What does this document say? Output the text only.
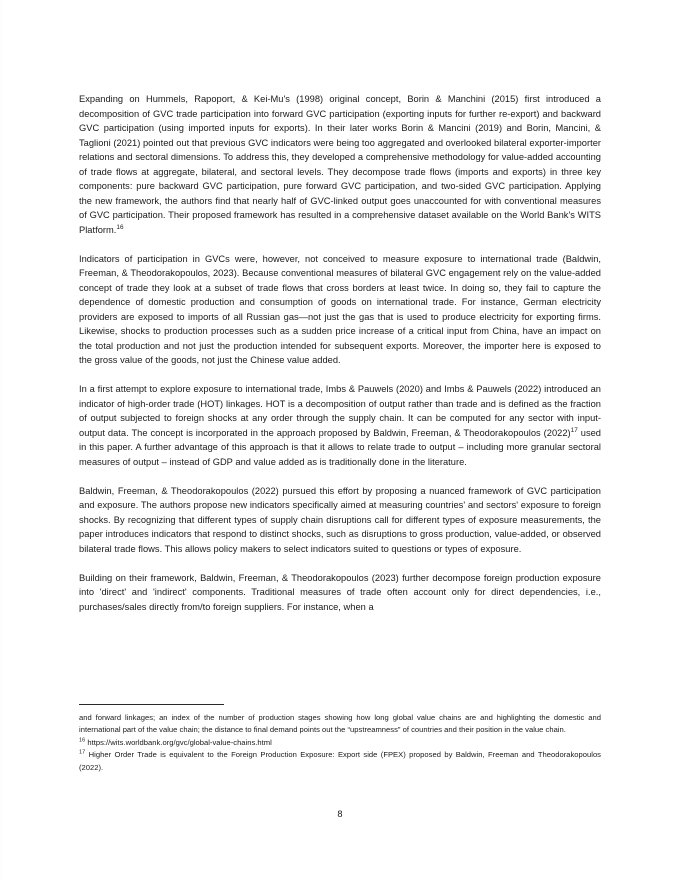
Expanding on Hummels, Rapoport, & Kei-Mu's (1998) original concept, Borin & Manchini (2015) first introduced a decomposition of GVC trade participation into forward GVC participation (exporting inputs for further re-export) and backward GVC participation (using imported inputs for exports). In their later works Borin & Mancini (2019) and Borin, Mancini, & Taglioni (2021) pointed out that previous GVC indicators were being too aggregated and overlooked bilateral exporter-importer relations and sectoral dimensions. To address this, they developed a comprehensive methodology for value-added accounting of trade flows at aggregate, bilateral, and sectoral levels. They decompose trade flows (imports and exports) in three key components: pure backward GVC participation, pure forward GVC participation, and two-sided GVC participation. Applying the new framework, the authors find that nearly half of GVC-linked output goes unaccounted for with conventional measures of GVC participation. Their proposed framework has resulted in a comprehensive dataset available on the World Bank's WITS Platform.$^{16}$

Indicators of participation in GVCs were, however, not conceived to measure exposure to international trade (Baldwin, Freeman, & Theodorakopoulos, 2023). Because conventional measures of bilateral GVC engagement rely on the value-added concept of trade they look at a subset of trade flows that cross borders at least twice. In doing so, they fail to capture the dependence of domestic production and consumption of goods on international trade. For instance, German electricity providers are exposed to imports of all Russian gas—not just the gas that is used to produce electricity for exporting firms. Likewise, shocks to production processes such as a sudden price increase of a critical input from China, have an impact on the total production and not just the production intended for subsequent exports. Moreover, the importer here is exposed to the gross value of the goods, not just the Chinese value added.

In a first attempt to explore exposure to international trade, Imbs & Pauwels (2020) and Imbs & Pauwels (2022) introduced an indicator of high-order trade (HOT) linkages. HOT is a decomposition of output rather than trade and is defined as the fraction of output subjected to foreign shocks at any order through the supply chain. It can be computed for any sector with input-output data. The concept is incorporated in the approach proposed by Baldwin, Freeman, & Theodorakopoulos $(2022)^{17}$ used in this paper. A further advantage of this approach is that it allows to relate trade to output – including more granular sectoral measures of output – instead of GDP and value added as is traditionally done in the literature.

Baldwin, Freeman, & Theodorakopoulos (2022) pursued this effort by proposing a nuanced framework of GVC participation and exposure. The authors propose new indicators specifically aimed at measuring countries' and sectors' exposure to foreign shocks. By recognizing that different types of supply chain disruptions call for different types of exposure measurements, the paper introduces indicators that respond to distinct shocks, such as disruptions to gross production, value-added, or observed bilateral trade flows. This allows policy makers to select indicators suited to questions or types of exposure.

Building on their framework, Baldwin, Freeman, & Theodorakopoulos (2023) further decompose foreign production exposure into 'direct' and 'indirect' components. Traditional measures of trade often account only for direct dependencies, i.e., purchases/sales directly from/to foreign suppliers. For instance, when a

and forward linkages; an index of the number of production stages showing how long global value chains are and highlighting the domestic and international part of the value chain; the distance to final demand points out the “upstreamness” of countries and their position in the value chain.

$^{16}$ https://wits.worldbank.org/gvc/global-value-chains.html

$^{17}$ Higher Order Trade is equivalent to the Foreign Production Exposure: Export side (FPEX) proposed by Baldwin, Freeman and Theodorakopoulos (2022).

8
